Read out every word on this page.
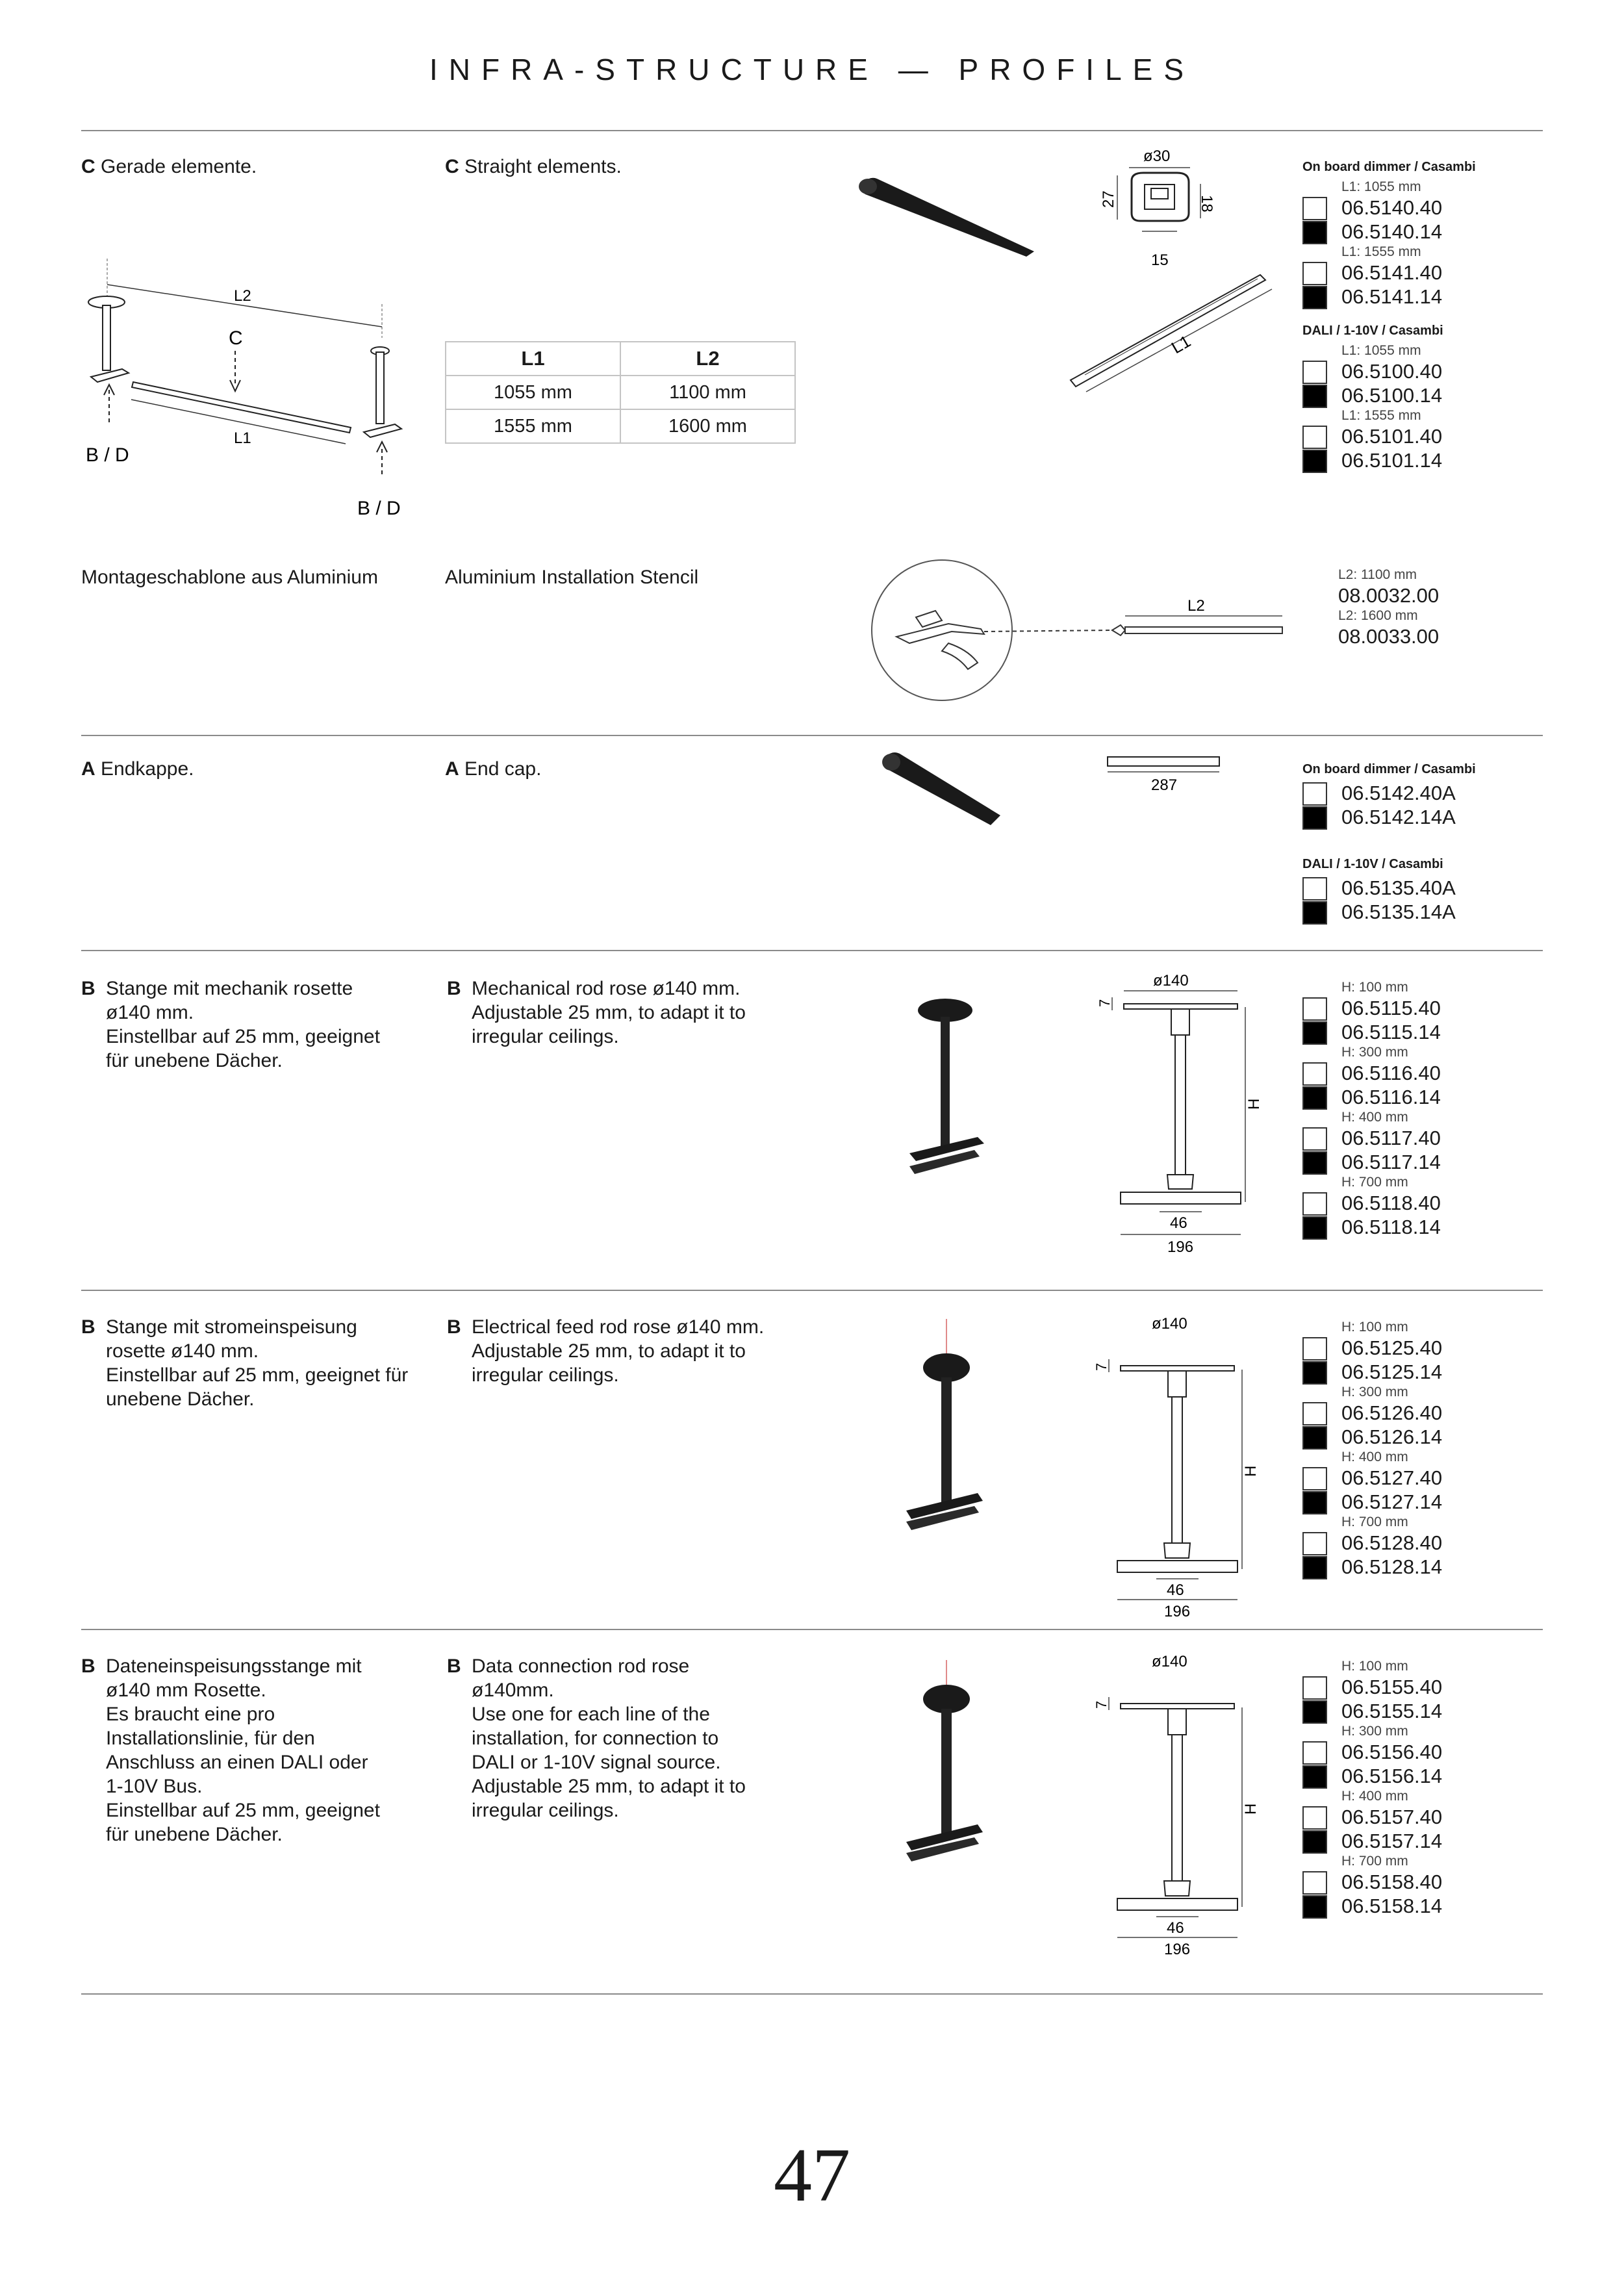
INFRA-STRUCTURE — PROFILES
C Gerade elemente.	C Straight elements.
L2
L1
C
B / D
B / D
L1	L2
1055 mm	1100 mm
1555 mm	1600 mm
ø30
27	18
15
L1
On board dimmer / Casambi
L1: 1055 mm
06.5140.40
06.5140.14
L1: 1555 mm
06.5141.40
06.5141.14
DALI / 1-10V / Casambi
L1: 1055 mm
06.5100.40
06.5100.14
L1: 1555 mm
06.5101.40
06.5101.14
Montageschablone aus Aluminium	Aluminium Installation Stencil
L2
L2: 1100 mm
08.0032.00
L2: 1600 mm
08.0033.00
A Endkappe.	A End cap.
287
On board dimmer / Casambi
06.5142.40A
06.5142.14A
DALI / 1-10V / Casambi
06.5135.40A
06.5135.14A
B Stange mit mechanik rosette
ø140 mm.
Einstellbar auf 25 mm, geeignet
für unebene Dächer.
B Mechanical rod rose ø140 mm.
Adjustable 25 mm, to adapt it to
irregular ceilings.
ø140
7
H
46
196
H: 100 mm
06.5115.40
06.5115.14
H: 300 mm
06.5116.40
06.5116.14
H: 400 mm
06.5117.40
06.5117.14
H: 700 mm
06.5118.40
06.5118.14
B Stange mit stromeinspeisung
rosette ø140 mm.
Einstellbar auf 25 mm, geeignet für
unebene Dächer.
B Electrical feed rod rose ø140 mm.
Adjustable 25 mm, to adapt it to
irregular ceilings.
ø140
7
H
46
196
H: 100 mm
06.5125.40
06.5125.14
H: 300 mm
06.5126.40
06.5126.14
H: 400 mm
06.5127.40
06.5127.14
H: 700 mm
06.5128.40
06.5128.14
B Dateneinspeisungsstange mit
ø140 mm Rosette.
Es braucht eine pro
Installationslinie, für den
Anschluss an einen DALI oder
1-10V Bus.
Einstellbar auf 25 mm, geeignet
für unebene Dächer.
B Data connection rod rose
ø140mm.
Use one for each line of the
installation, for connection to
DALI or 1-10V signal source.
Adjustable 25 mm, to adapt it to
irregular ceilings.
ø140
7
H
46
196
H: 100 mm
06.5155.40
06.5155.14
H: 300 mm
06.5156.40
06.5156.14
H: 400 mm
06.5157.40
06.5157.14
H: 700 mm
06.5158.40
06.5158.14
47
